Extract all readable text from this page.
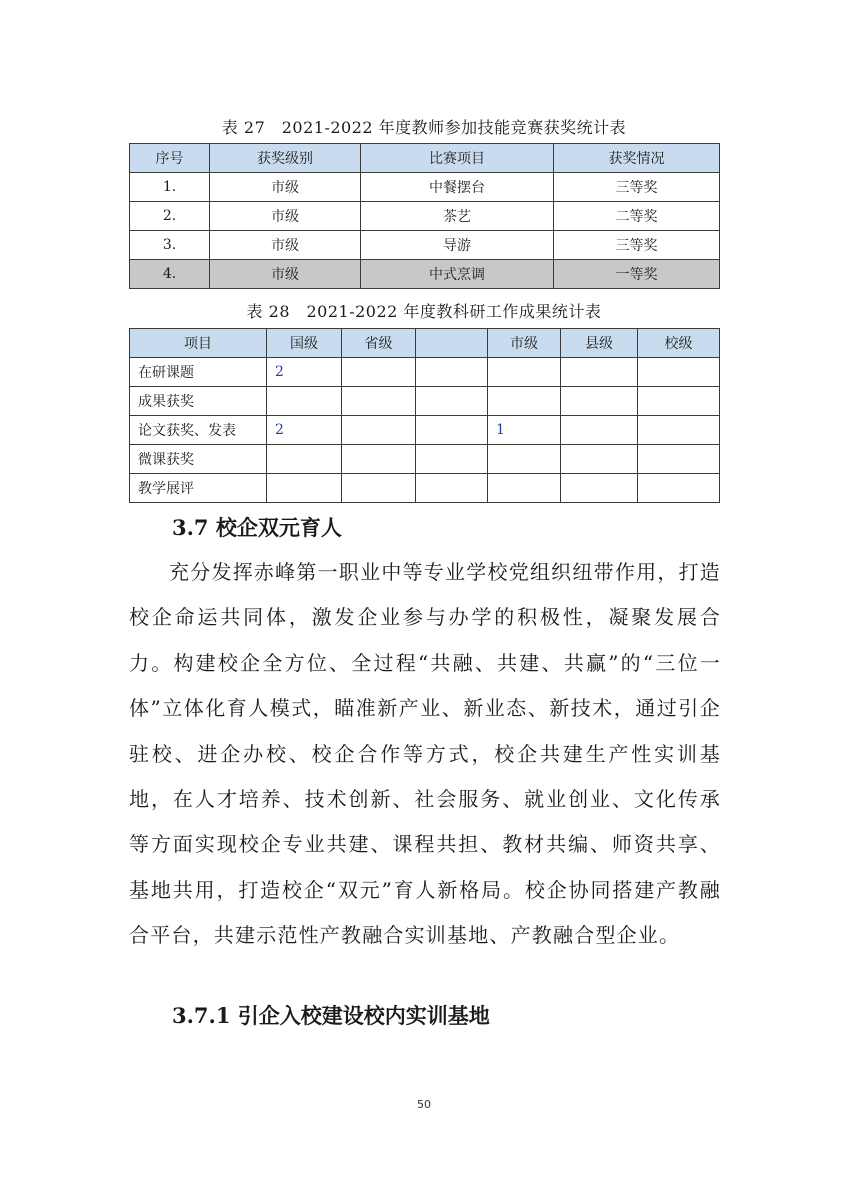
表 27　2021-2022 年度教师参加技能竞赛获奖统计表
序号	获奖级别	比赛项目	获奖情况
1.	市级	中餐摆台	三等奖
2.	市级	茶艺	二等奖
3.	市级	导游	三等奖
4.	市级	中式烹调	一等奖
表 28　2021-2022 年度教科研工作成果统计表
项目	国级	省级		市级	县级	校级
在研课题	2					
成果获奖						
论文获奖、发表	2			1		
微课获奖						
教学展评						
3.7 校企双元育人

充分发挥赤峰第一职业中等专业学校党组织纽带作用，打造校企命运共同体，激发企业参与办学的积极性，凝聚发展合力。构建校企全方位、全过程“共融、共建、共赢”的“三位一体”立体化育人模式，瞄准新产业、新业态、新技术，通过引企驻校、进企办校、校企合作等方式，校企共建生产性实训基地，在人才培养、技术创新、社会服务、就业创业、文化传承等方面实现校企专业共建、课程共担、教材共编、师资共享、基地共用，打造校企“双元”育人新格局。校企协同搭建产教融合平台，共建示范性产教融合实训基地、产教融合型企业。

3.7.1 引企入校建设校内实训基地
50
